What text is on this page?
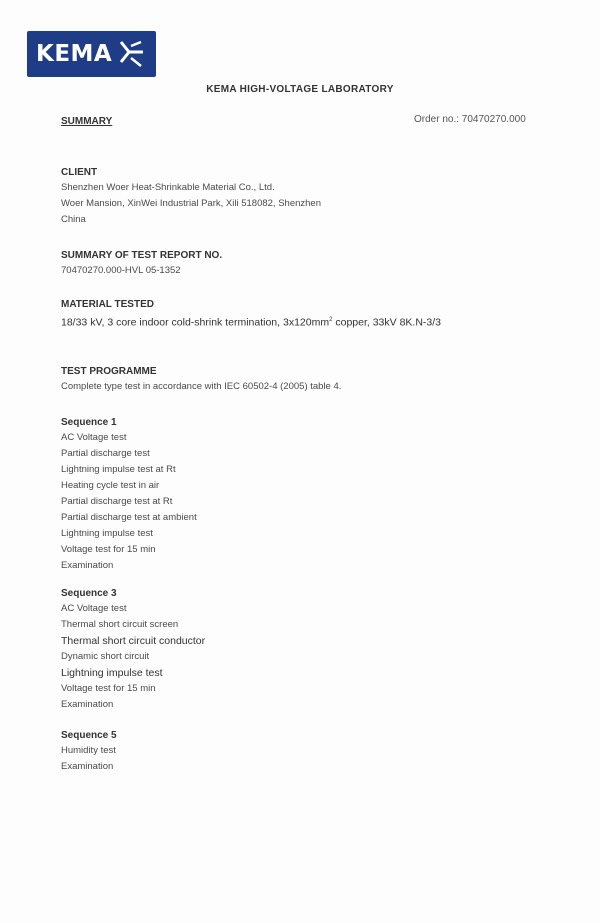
KEMA
KEMA HIGH-VOLTAGE LABORATORY
SUMMARY	Order no.: 70470270.000
CLIENT
Shenzhen Woer Heat-Shrinkable Material Co., Ltd.
Woer Mansion, XinWei Industrial Park, Xili 518082, Shenzhen
China
SUMMARY OF TEST REPORT NO.
70470270.000-HVL 05-1352
MATERIAL TESTED
18/33 kV, 3 core indoor cold-shrink termination, $3x120mm^2$ copper, 33kV 8K.N-3/3
TEST PROGRAMME
Complete type test in accordance with IEC 60502-4 (2005) table 4.
Sequence 1
AC Voltage test
Partial discharge test
Lightning impulse test at Rt
Heating cycle test in air
Partial discharge test at Rt
Partial discharge test at ambient
Lightning impulse test
Voltage test for 15 min
Examination
Sequence 3
AC Voltage test
Thermal short circuit screen
Thermal short circuit conductor
Dynamic short circuit
Lightning impulse test
Voltage test for 15 min
Examination
Sequence 5
Humidity test
Examination
